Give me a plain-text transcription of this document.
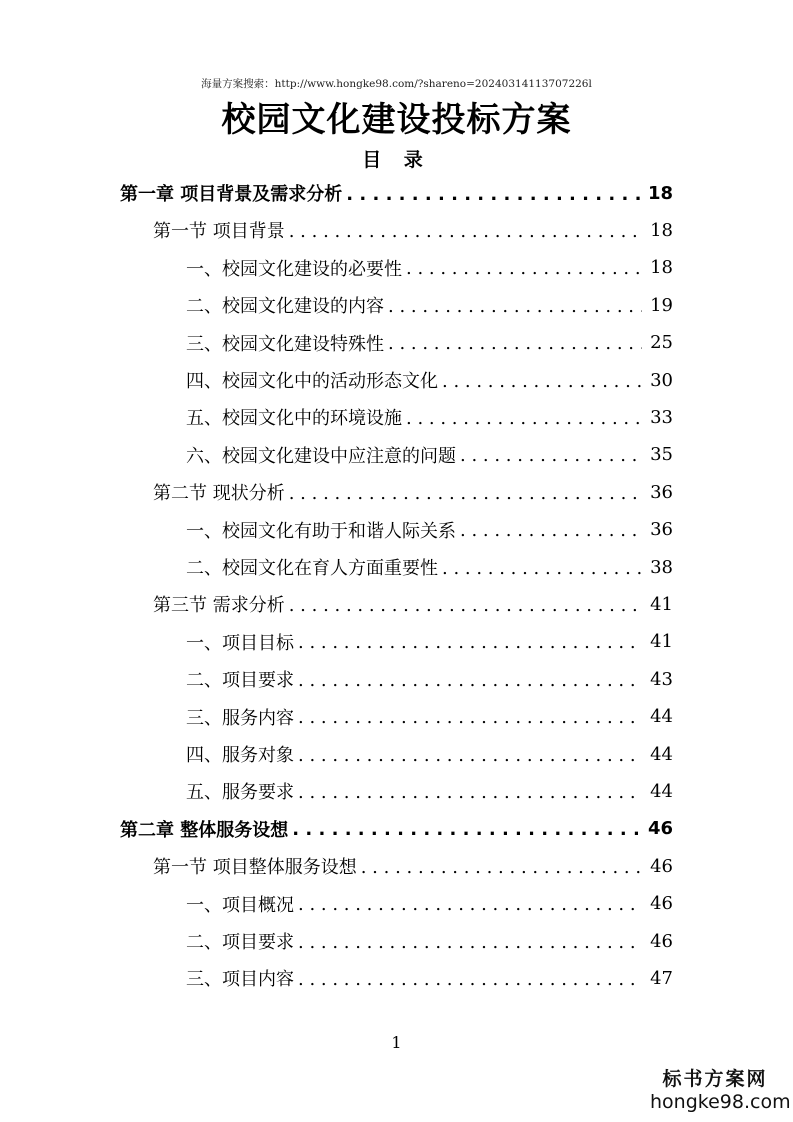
海量方案搜索：http://www.hongke98.com/?shareno=20240314113707226l
校园文化建设投标方案
目 录
第一章 项目背景及需求分析 . . .	18
第一节 项目背景 . . .	18
一、校园文化建设的必要性 . . .	18
二、校园文化建设的内容 . . .	19
三、校园文化建设特殊性 . . .	25
四、校园文化中的活动形态文化 . . .	30
五、校园文化中的环境设施 . . .	33
六、校园文化建设中应注意的问题 . . .	35
第二节 现状分析 . . .	36
一、校园文化有助于和谐人际关系 . . .	36
二、校园文化在育人方面重要性 . . .	38
第三节 需求分析 . . .	41
一、项目目标 . . .	41
二、项目要求 . . .	43
三、服务内容 . . .	44
四、服务对象 . . .	44
五、服务要求 . . .	44
第二章 整体服务设想 . . .	46
第一节 项目整体服务设想 . . .	46
一、项目概况 . . .	46
二、项目要求 . . .	46
三、项目内容 . . .	47
1
标书方案网
hongke98.com
